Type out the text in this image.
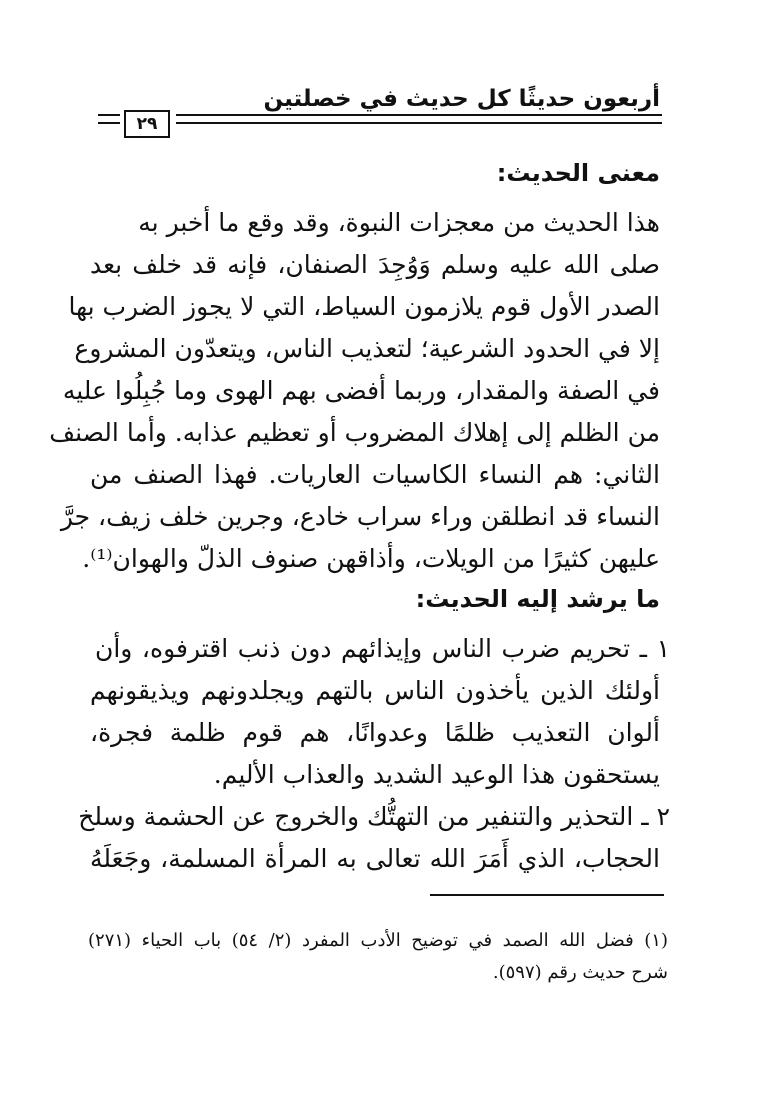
أربعون حديثًا كل حديث في خصلتين
٢٩
معنى الحديث:
هذا الحديث من معجزات النبوة، وقد وقع ما أخبر به
صلى الله عليه وسلم وَوُجِدَ الصنفان، فإنه قد خلف بعد
الصدر الأول قوم يلازمون السياط، التي لا يجوز الضرب بها
إلا في الحدود الشرعية؛ لتعذيب الناس، ويتعدّون المشروع
في الصفة والمقدار، وربما أفضى بهم الهوى وما جُبِلُوا عليه
من الظلم إلى إهلاك المضروب أو تعظيم عذابه. وأما الصنف
الثاني: هم النساء الكاسيات العاريات. فهذا الصنف من
النساء قد انطلقن وراء سراب خادع، وجرين خلف زيف، جرَّ
عليهن كثيرًا من الويلات، وأذاقهن صنوف الذلّ والهوان⁽¹⁾.
ما يرشد إليه الحديث:
١ ـ تحريم ضرب الناس وإيذائهم دون ذنب اقترفوه، وأن
أولئك الذين يأخذون الناس بالتهم ويجلدونهم ويذيقونهم
ألوان التعذيب ظلمًا وعدوانًا، هم قوم ظلمة فجرة،
يستحقون هذا الوعيد الشديد والعذاب الأليم.
٢ ـ التحذير والتنفير من التهتُّك والخروج عن الحشمة وسلخ
الحجاب، الذي أَمَرَ الله تعالى به المرأة المسلمة، وجَعَلَهُ
(١) فضل الله الصمد في توضيح الأدب المفرد (٢/ ٥٤) باب الحياء (٢٧١)
شرح حديث رقم (٥٩٧).
